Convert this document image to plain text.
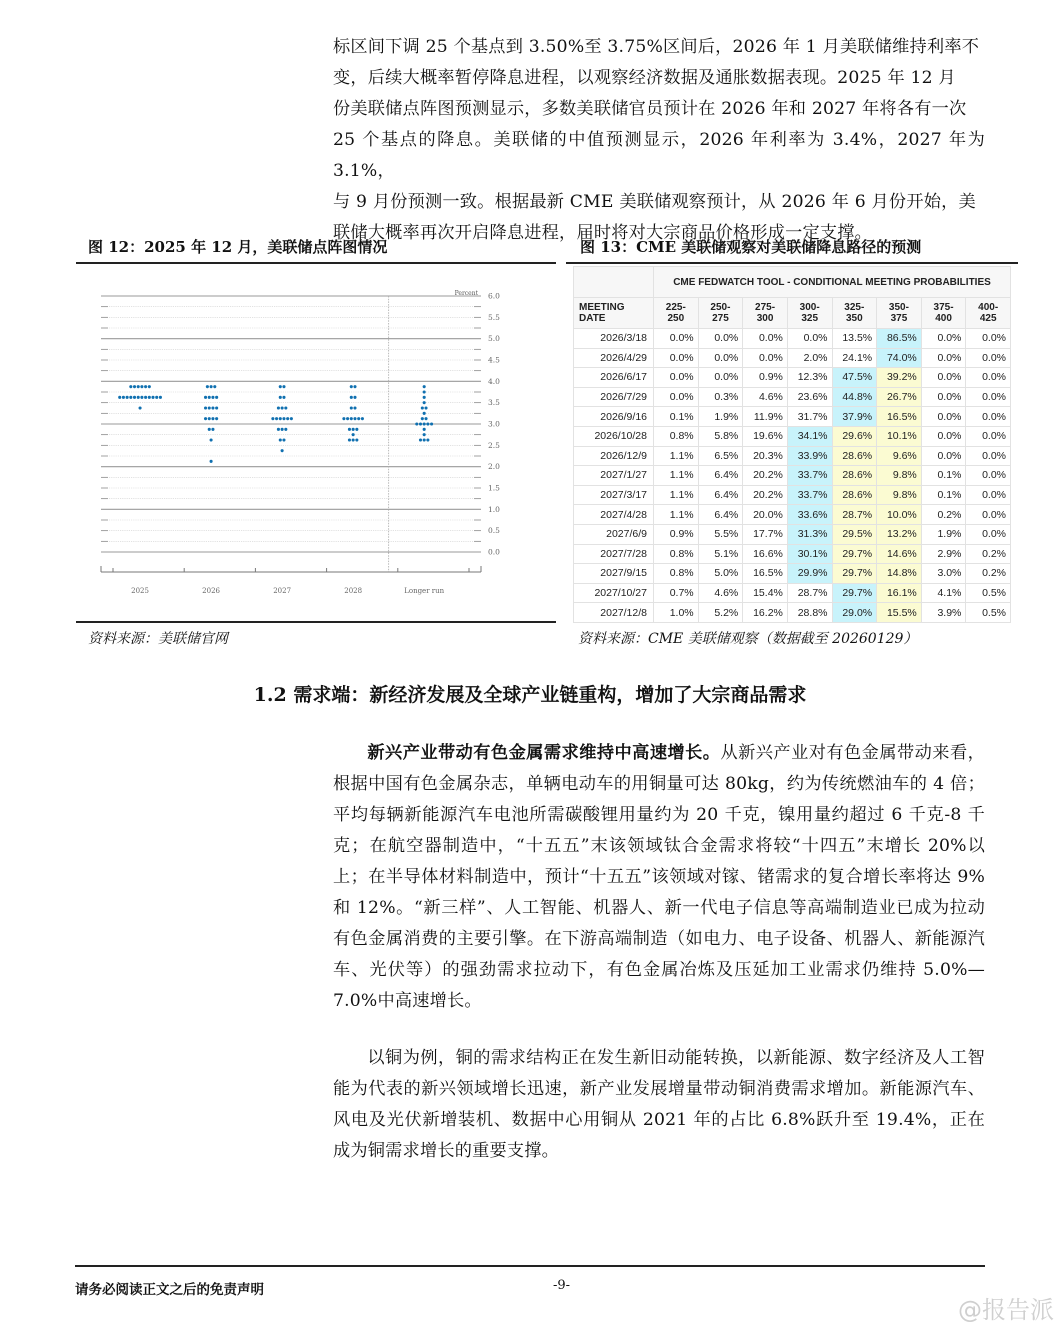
标区间下调 25 个基点到 3.50%至 3.75%区间后，2026 年 1 月美联储维持利率不
变，后续大概率暂停降息进程，以观察经济数据及通胀数据表现。2025 年 12 月
份美联储点阵图预测显示，多数美联储官员预计在 2026 年和 2027 年将各有一次
25 个基点的降息。美联储的中值预测显示，2026 年利率为 3.4%，2027 年为 3.1%，
与 9 月份预测一致。根据最新 CME 美联储观察预计，从 2026 年 6 月份开始，美
联储大概率再次开启降息进程，届时将对大宗商品价格形成一定支撑。
图 12：2025 年 12 月，美联储点阵图情况
6.0
5.5
5.0
4.5
4.0
3.5
3.0
2.5
2.0
1.5
1.0
0.5
0.0
2025	2026	2027	2028	Longer run
Percent
资料来源：美联储官网
图 13：CME 美联储观察对美联储降息路径的预测
	CME FEDWATCH TOOL - CONDITIONAL MEETING PROBABILITIES							
MEETING DATE	225-250	250-275	275-300	300-325	325-350	350-375	375-400	400-425
2026/3/18	0.0%	0.0%	0.0%	0.0%	13.5%	86.5%	0.0%	0.0%
2026/4/29	0.0%	0.0%	0.0%	2.0%	24.1%	74.0%	0.0%	0.0%
2026/6/17	0.0%	0.0%	0.9%	12.3%	47.5%	39.2%	0.0%	0.0%
2026/7/29	0.0%	0.3%	4.6%	23.6%	44.8%	26.7%	0.0%	0.0%
2026/9/16	0.1%	1.9%	11.9%	31.7%	37.9%	16.5%	0.0%	0.0%
2026/10/28	0.8%	5.8%	19.6%	34.1%	29.6%	10.1%	0.0%	0.0%
2026/12/9	1.1%	6.5%	20.3%	33.9%	28.6%	9.6%	0.0%	0.0%
2027/1/27	1.1%	6.4%	20.2%	33.7%	28.6%	9.8%	0.1%	0.0%
2027/3/17	1.1%	6.4%	20.2%	33.7%	28.6%	9.8%	0.1%	0.0%
2027/4/28	1.1%	6.4%	20.0%	33.6%	28.7%	10.0%	0.2%	0.0%
2027/6/9	0.9%	5.5%	17.7%	31.3%	29.5%	13.2%	1.9%	0.0%
2027/7/28	0.8%	5.1%	16.6%	30.1%	29.7%	14.6%	2.9%	0.2%
2027/9/15	0.8%	5.0%	16.5%	29.9%	29.7%	14.8%	3.0%	0.2%
2027/10/27	0.7%	4.6%	15.4%	28.7%	29.7%	16.1%	4.1%	0.5%
2027/12/8	1.0%	5.2%	16.2%	28.8%	29.0%	15.5%	3.9%	0.5%
资料来源：CME 美联储观察（数据截至 20260129）
1.2 需求端：新经济发展及全球产业链重构，增加了大宗商品需求
新兴产业带动有色金属需求维持中高速增长。从新兴产业对有色金属带动来看，根据中国有色金属杂志，单辆电动车的用铜量可达 80kg，约为传统燃油车的 4 倍；平均每辆新能源汽车电池所需碳酸锂用量约为 20 千克，镍用量约超过 6 千克-8 千克；在航空器制造中，“十五五”末该领域钛合金需求将较“十四五”末增长 20%以上；在半导体材料制造中，预计“十五五”该领域对镓、锗需求的复合增长率将达 9%和 12%。“新三样”、人工智能、机器人、新一代电子信息等高端制造业已成为拉动有色金属消费的主要引擎。在下游高端制造（如电力、电子设备、机器人、新能源汽车、光伏等）的强劲需求拉动下，有色金属冶炼及压延加工业需求仍维持 5.0%—7.0%中高速增长。
以铜为例，铜的需求结构正在发生新旧动能转换，以新能源、数字经济及人工智能为代表的新兴领域增长迅速，新产业发展增量带动铜消费需求增加。新能源汽车、风电及光伏新增装机、数据中心用铜从 2021 年的占比 6.8%跃升至 19.4%，正在成为铜需求增长的重要支撑。
请务必阅读正文之后的免责声明	-9-
@报告派
